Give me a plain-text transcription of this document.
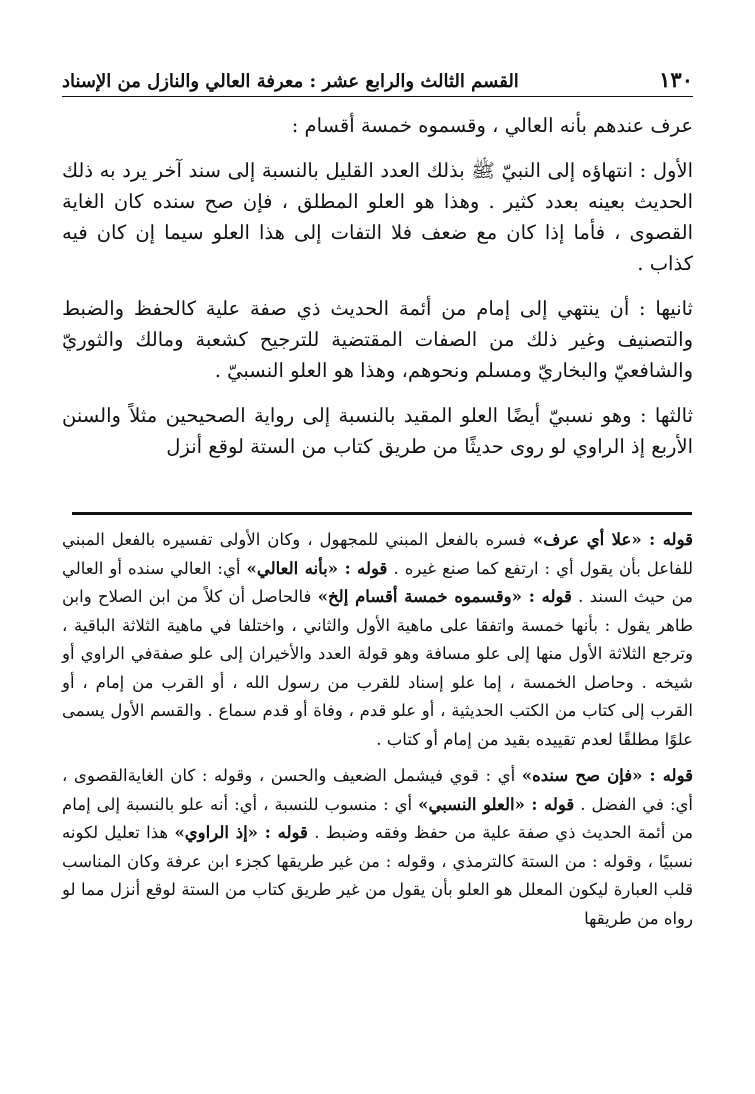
١٣٠
القسم الثالث والرابع عشر : معرفة العالي والنازل من الإسناد

عرف عندهم بأنه العالي ، وقسموه خمسة أقسام :

الأول : انتهاؤه إلى النبيّ ﷺ بذلك العدد القليل بالنسبة إلى سند آخر يرد به ذلك الحديث بعينه بعدد كثير . وهذا هو العلو المطلق ، فإن صح سنده كان الغاية القصوى ، فأما إذا كان مع ضعف فلا التفات إلى هذا العلو سيما إن كان فيه كذاب .

ثانيها : أن ينتهي إلى إمام من أئمة الحديث ذي صفة علية كالحفظ والضبط والتصنيف وغير ذلك من الصفات المقتضية للترجيح كشعبة ومالك والثوريّ والشافعيّ والبخاريّ ومسلم ونحوهم، وهذا هو العلو النسبيّ .

ثالثها : وهو نسبيّ أيضًا العلو المقيد بالنسبة إلى رواية الصحيحين مثلاً والسنن الأربع إذ الراوي لو روى حديثًا من طريق كتاب من الستة لوقع أنزل

قوله : «علا أي عرف» فسره بالفعل المبني للمجهول ، وكان الأولى تفسيره بالفعل المبني للفاعل بأن يقول أي : ارتفع كما صنع غيره . قوله : «بأنه العالي» أي: العالي سنده أو العالي من حيث السند . قوله : «وقسموه خمسة أقسام إلخ» فالحاصل أن كلاً من ابن الصلاح وابن طاهر يقول : بأنها خمسة واتفقا على ماهية الأول والثاني ، واختلفا في ماهية الثلاثة الباقية ، وترجع الثلاثة الأول منها إلى علو مسافة وهو قولة العدد والأخيران إلى علو صفةفي الراوي أو شيخه . وحاصل الخمسة ، إما علو إسناد للقرب من رسول الله ، أو القرب من إمام ، أو القرب إلى كتاب من الكتب الحديثية ، أو علو قدم ، وفاة أو قدم سماع . والقسم الأول يسمى علوًا مطلقًا لعدم تقييده بقيد من إمام أو كتاب .

قوله : «فإن صح سنده» أي : قوي فيشمل الضعيف والحسن ، وقوله : كان الغايةالقصوى ، أي: في الفضل . قوله : «العلو النسبي» أي : منسوب للنسبة ، أي: أنه علو بالنسبة إلى إمام من أئمة الحديث ذي صفة علية من حفظ وفقه وضبط . قوله : «إذ الراوي» هذا تعليل لكونه نسبيًا ، وقوله : من الستة كالترمذي ، وقوله : من غير طريقها كجزء ابن عرفة وكان المناسب قلب العبارة ليكون المعلل هو العلو بأن يقول من غير طريق كتاب من الستة لوقع أنزل مما لو رواه من طريقها
